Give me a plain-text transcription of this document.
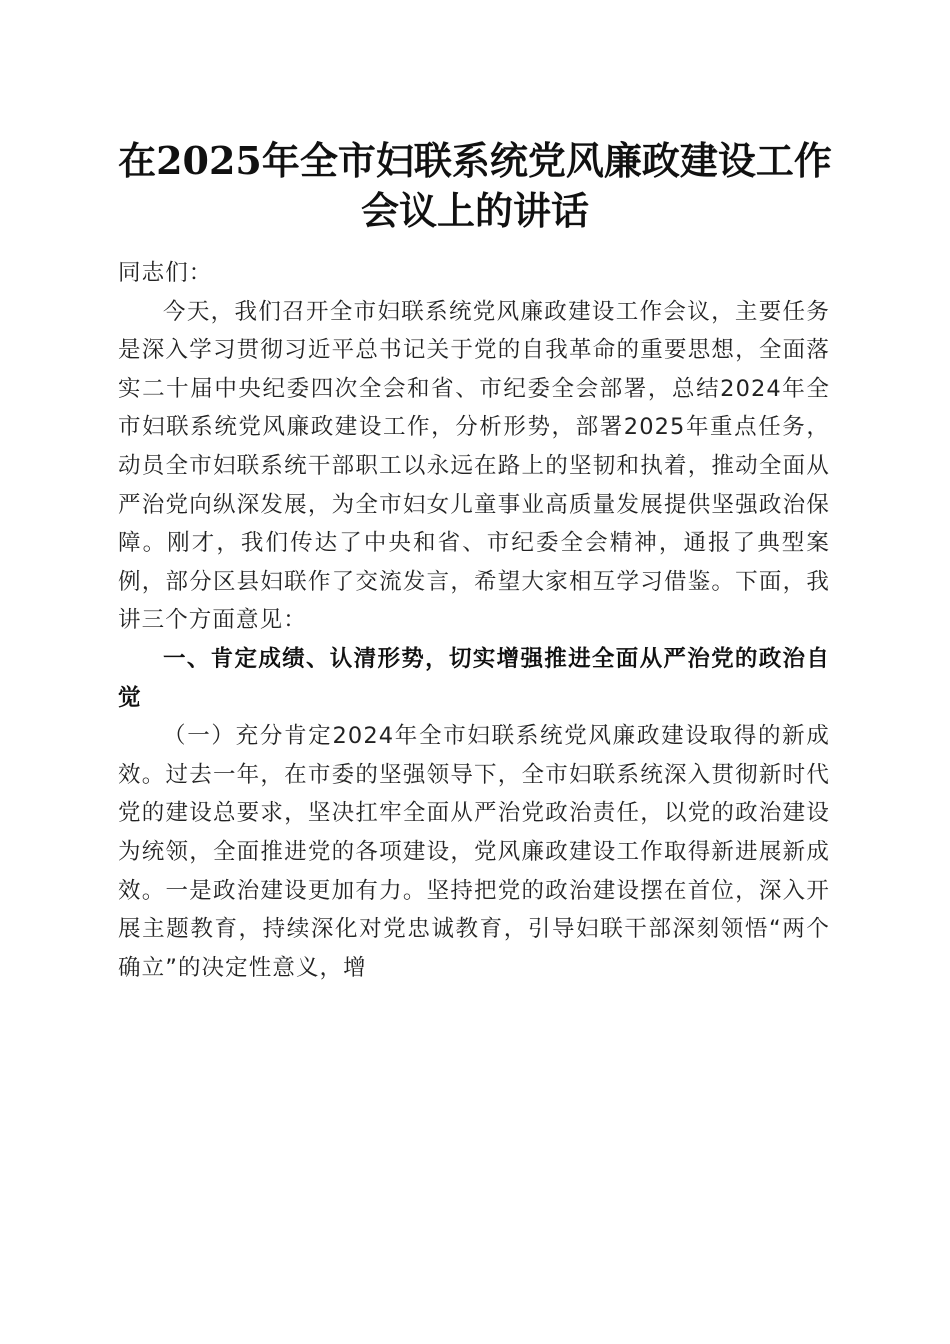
在2025年全市妇联系统党风廉政建设工作会议上的讲话

同志们：

今天，我们召开全市妇联系统党风廉政建设工作会议，主要任务是深入学习贯彻习近平总书记关于党的自我革命的重要思想，全面落实二十届中央纪委四次全会和省、市纪委全会部署，总结2024年全市妇联系统党风廉政建设工作，分析形势，部署2025年重点任务，动员全市妇联系统干部职工以永远在路上的坚韧和执着，推动全面从严治党向纵深发展，为全市妇女儿童事业高质量发展提供坚强政治保障。刚才，我们传达了中央和省、市纪委全会精神，通报了典型案例，部分区县妇联作了交流发言，希望大家相互学习借鉴。下面，我讲三个方面意见：

一、肯定成绩、认清形势，切实增强推进全面从严治党的政治自觉

（一）充分肯定2024年全市妇联系统党风廉政建设取得的新成效。过去一年，在市委的坚强领导下，全市妇联系统深入贯彻新时代党的建设总要求，坚决扛牢全面从严治党政治责任，以党的政治建设为统领，全面推进党的各项建设，党风廉政建设工作取得新进展新成效。一是政治建设更加有力。坚持把党的政治建设摆在首位，深入开展主题教育，持续深化对党忠诚教育，引导妇联干部深刻领悟“两个确立”的决定性意义，增
